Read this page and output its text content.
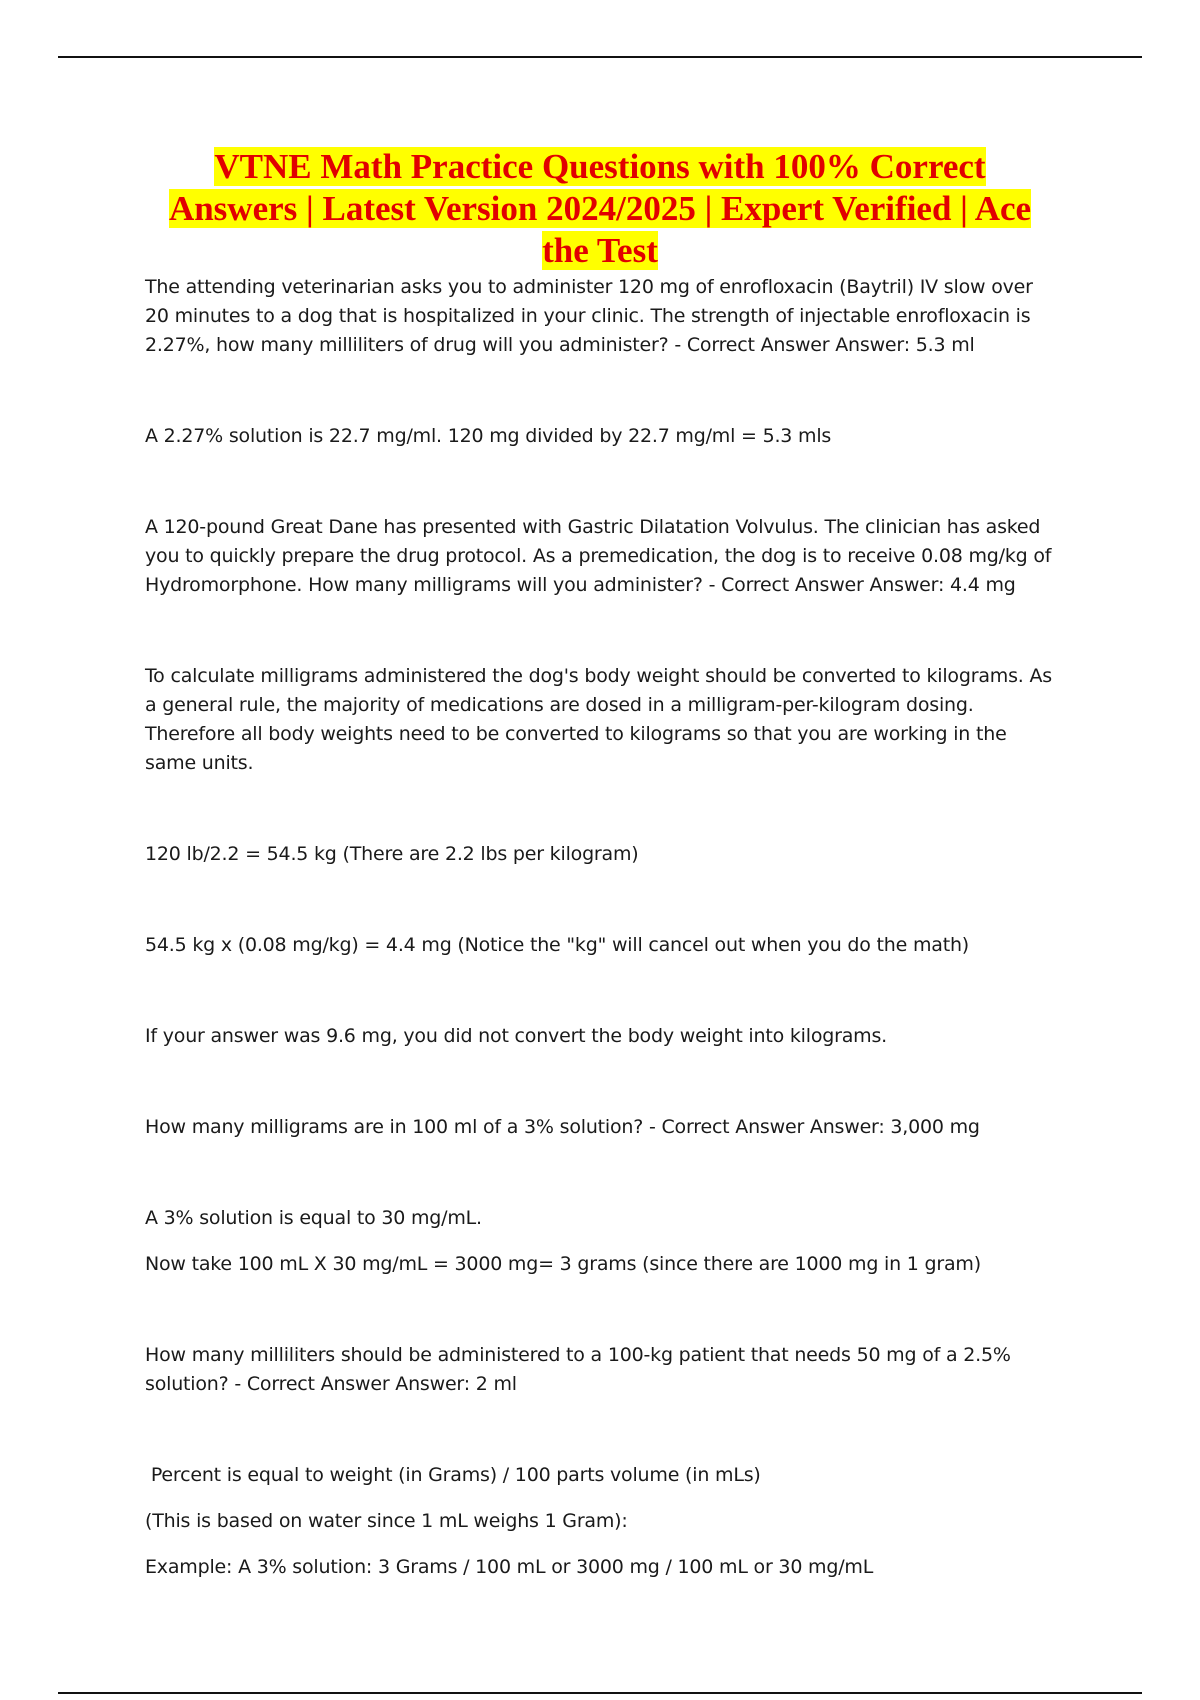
VTNE Math Practice Questions with 100% Correct Answers | Latest Version 2024/2025 | Expert Verified | Ace the Test

The attending veterinarian asks you to administer 120 mg of enrofloxacin (Baytril) IV slow over 20 minutes to a dog that is hospitalized in your clinic. The strength of injectable enrofloxacin is 2.27%, how many milliliters of drug will you administer? - Correct Answer Answer: 5.3 ml

A 2.27% solution is 22.7 mg/ml. 120 mg divided by 22.7 mg/ml = 5.3 mls

A 120-pound Great Dane has presented with Gastric Dilatation Volvulus. The clinician has asked you to quickly prepare the drug protocol. As a premedication, the dog is to receive 0.08 mg/kg of Hydromorphone. How many milligrams will you administer? - Correct Answer Answer: 4.4 mg

To calculate milligrams administered the dog's body weight should be converted to kilograms. As a general rule, the majority of medications are dosed in a milligram-per-kilogram dosing. Therefore all body weights need to be converted to kilograms so that you are working in the same units.

120 lb/2.2 = 54.5 kg (There are 2.2 lbs per kilogram)

54.5 kg x (0.08 mg/kg) = 4.4 mg (Notice the "kg" will cancel out when you do the math)

If your answer was 9.6 mg, you did not convert the body weight into kilograms.

How many milligrams are in 100 ml of a 3% solution? - Correct Answer Answer: 3,000 mg

A 3% solution is equal to 30 mg/mL.

Now take 100 mL X 30 mg/mL = 3000 mg= 3 grams (since there are 1000 mg in 1 gram)

How many milliliters should be administered to a 100-kg patient that needs 50 mg of a 2.5% solution? - Correct Answer Answer: 2 ml

Percent is equal to weight (in Grams) / 100 parts volume (in mLs)

(This is based on water since 1 mL weighs 1 Gram):

Example: A 3% solution: 3 Grams / 100 mL or 3000 mg / 100 mL or 30 mg/mL
